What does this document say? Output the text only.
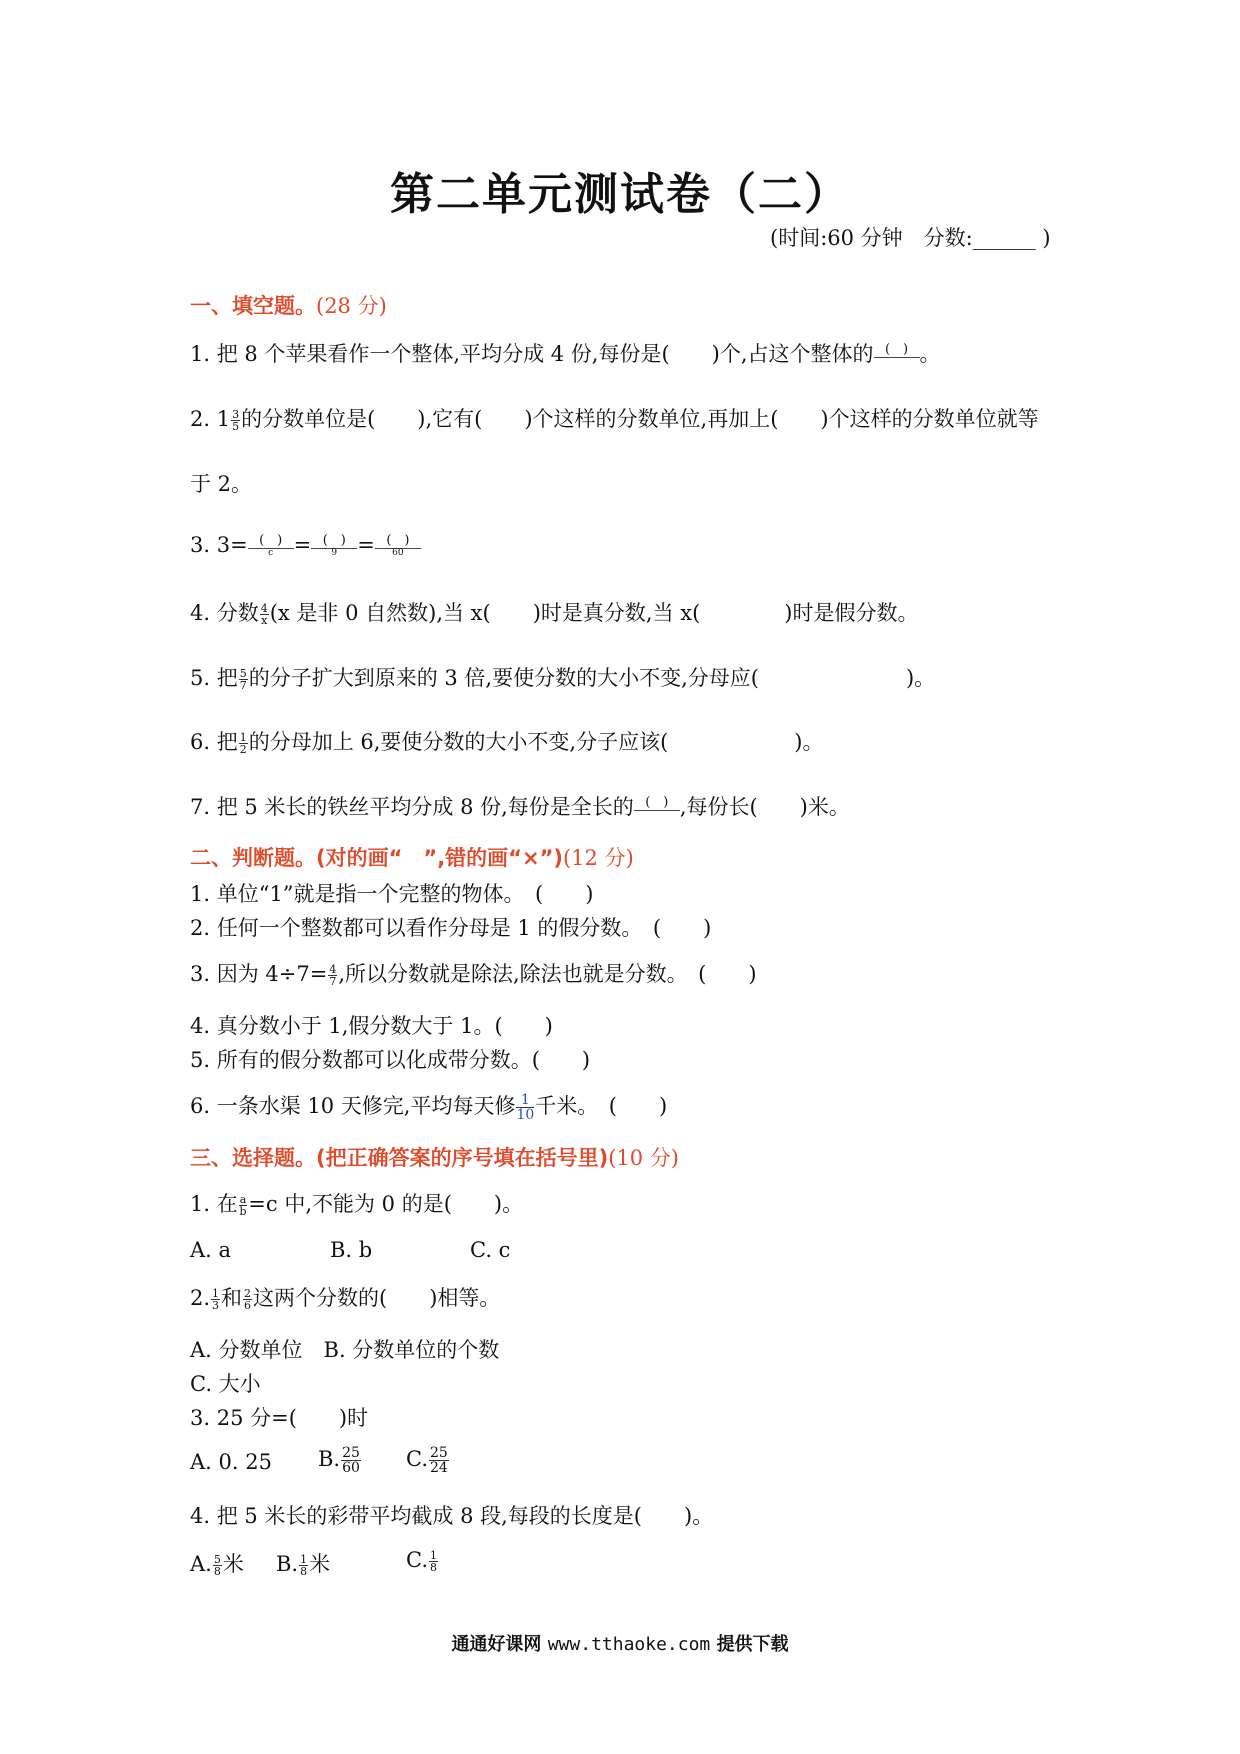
第二单元测试卷（二）
(时间:60 分钟　分数:______ )
一、填空题。(28 分)
1. 把 8 个苹果看作一个整体,平均分成 4 份,每份是(　　)个,占这个整体的 (　) 。
2. $1 \frac{3}{5}$ 的分数单位是(　　),它有(　　)个这样的分数单位,再加上(　　)个这样的分数单位就等
于 2。
3. $3= \frac{( )}{c} = \frac{( )}{9} = \frac{( )}{60}$
4. 分数 $\frac{4}{x} (x$ 是非 0 自然数),当 x(　　)时是真分数,当 x(　　　　)时是假分数。
5. 把 $\frac{5}{7}$ 的分子扩大到原来的 3 倍,要使分数的大小不变,分母应(　　　　　　　)。
6. 把 $\frac{1}{2}$ 的分母加上 6,要使分数的大小不变,分子应该(　　　　　　)。
7. 把 5 米长的铁丝平均分成 8 份,每份是全长的 (　) ,每份长(　　)米。
二、判断题。(对的画“　”,错的画“×”)(12 分)
1. 单位“1”就是指一个完整的物体。　(　　)
2. 任何一个整数都可以看作分母是 1 的假分数。　(　　)
3. 因为 $4\div 7= \frac{4}{7}$ ,所以分数就是除法,除法也就是分数。　(　　)
4. 真分数小于 1,假分数大于 1。(　　)
5. 所有的假分数都可以化成带分数。(　　)
6. 一条水渠 10 天修完,平均每天修 $\frac{1}{10}$ 千米。　(　　)
三、选择题。(把正确答案的序号填在括号里)(10 分)
1. 在 $\frac{a}{b} =c$ 中,不能为 0 的是(　　)。
A. a	B. b	C. c
2. $\frac{1}{3}$ 和 $\frac{2}{6}$ 这两个分数的(　　)相等。
A. 分数单位　B. 分数单位的个数
C. 大小
3. 25 分=(　　)时
A. 0. 25 B. $\frac{25}{60} C$. $\frac{25}{24}$
4. 把 5 米长的彩带平均截成 8 段,每段的长度是(　　)。
A. $\frac{5}{8}$ 米 B. $\frac{1}{8}$ 米	C. $\frac{1}{8}$
通通好课网 www.tthaoke.com 提供下载
